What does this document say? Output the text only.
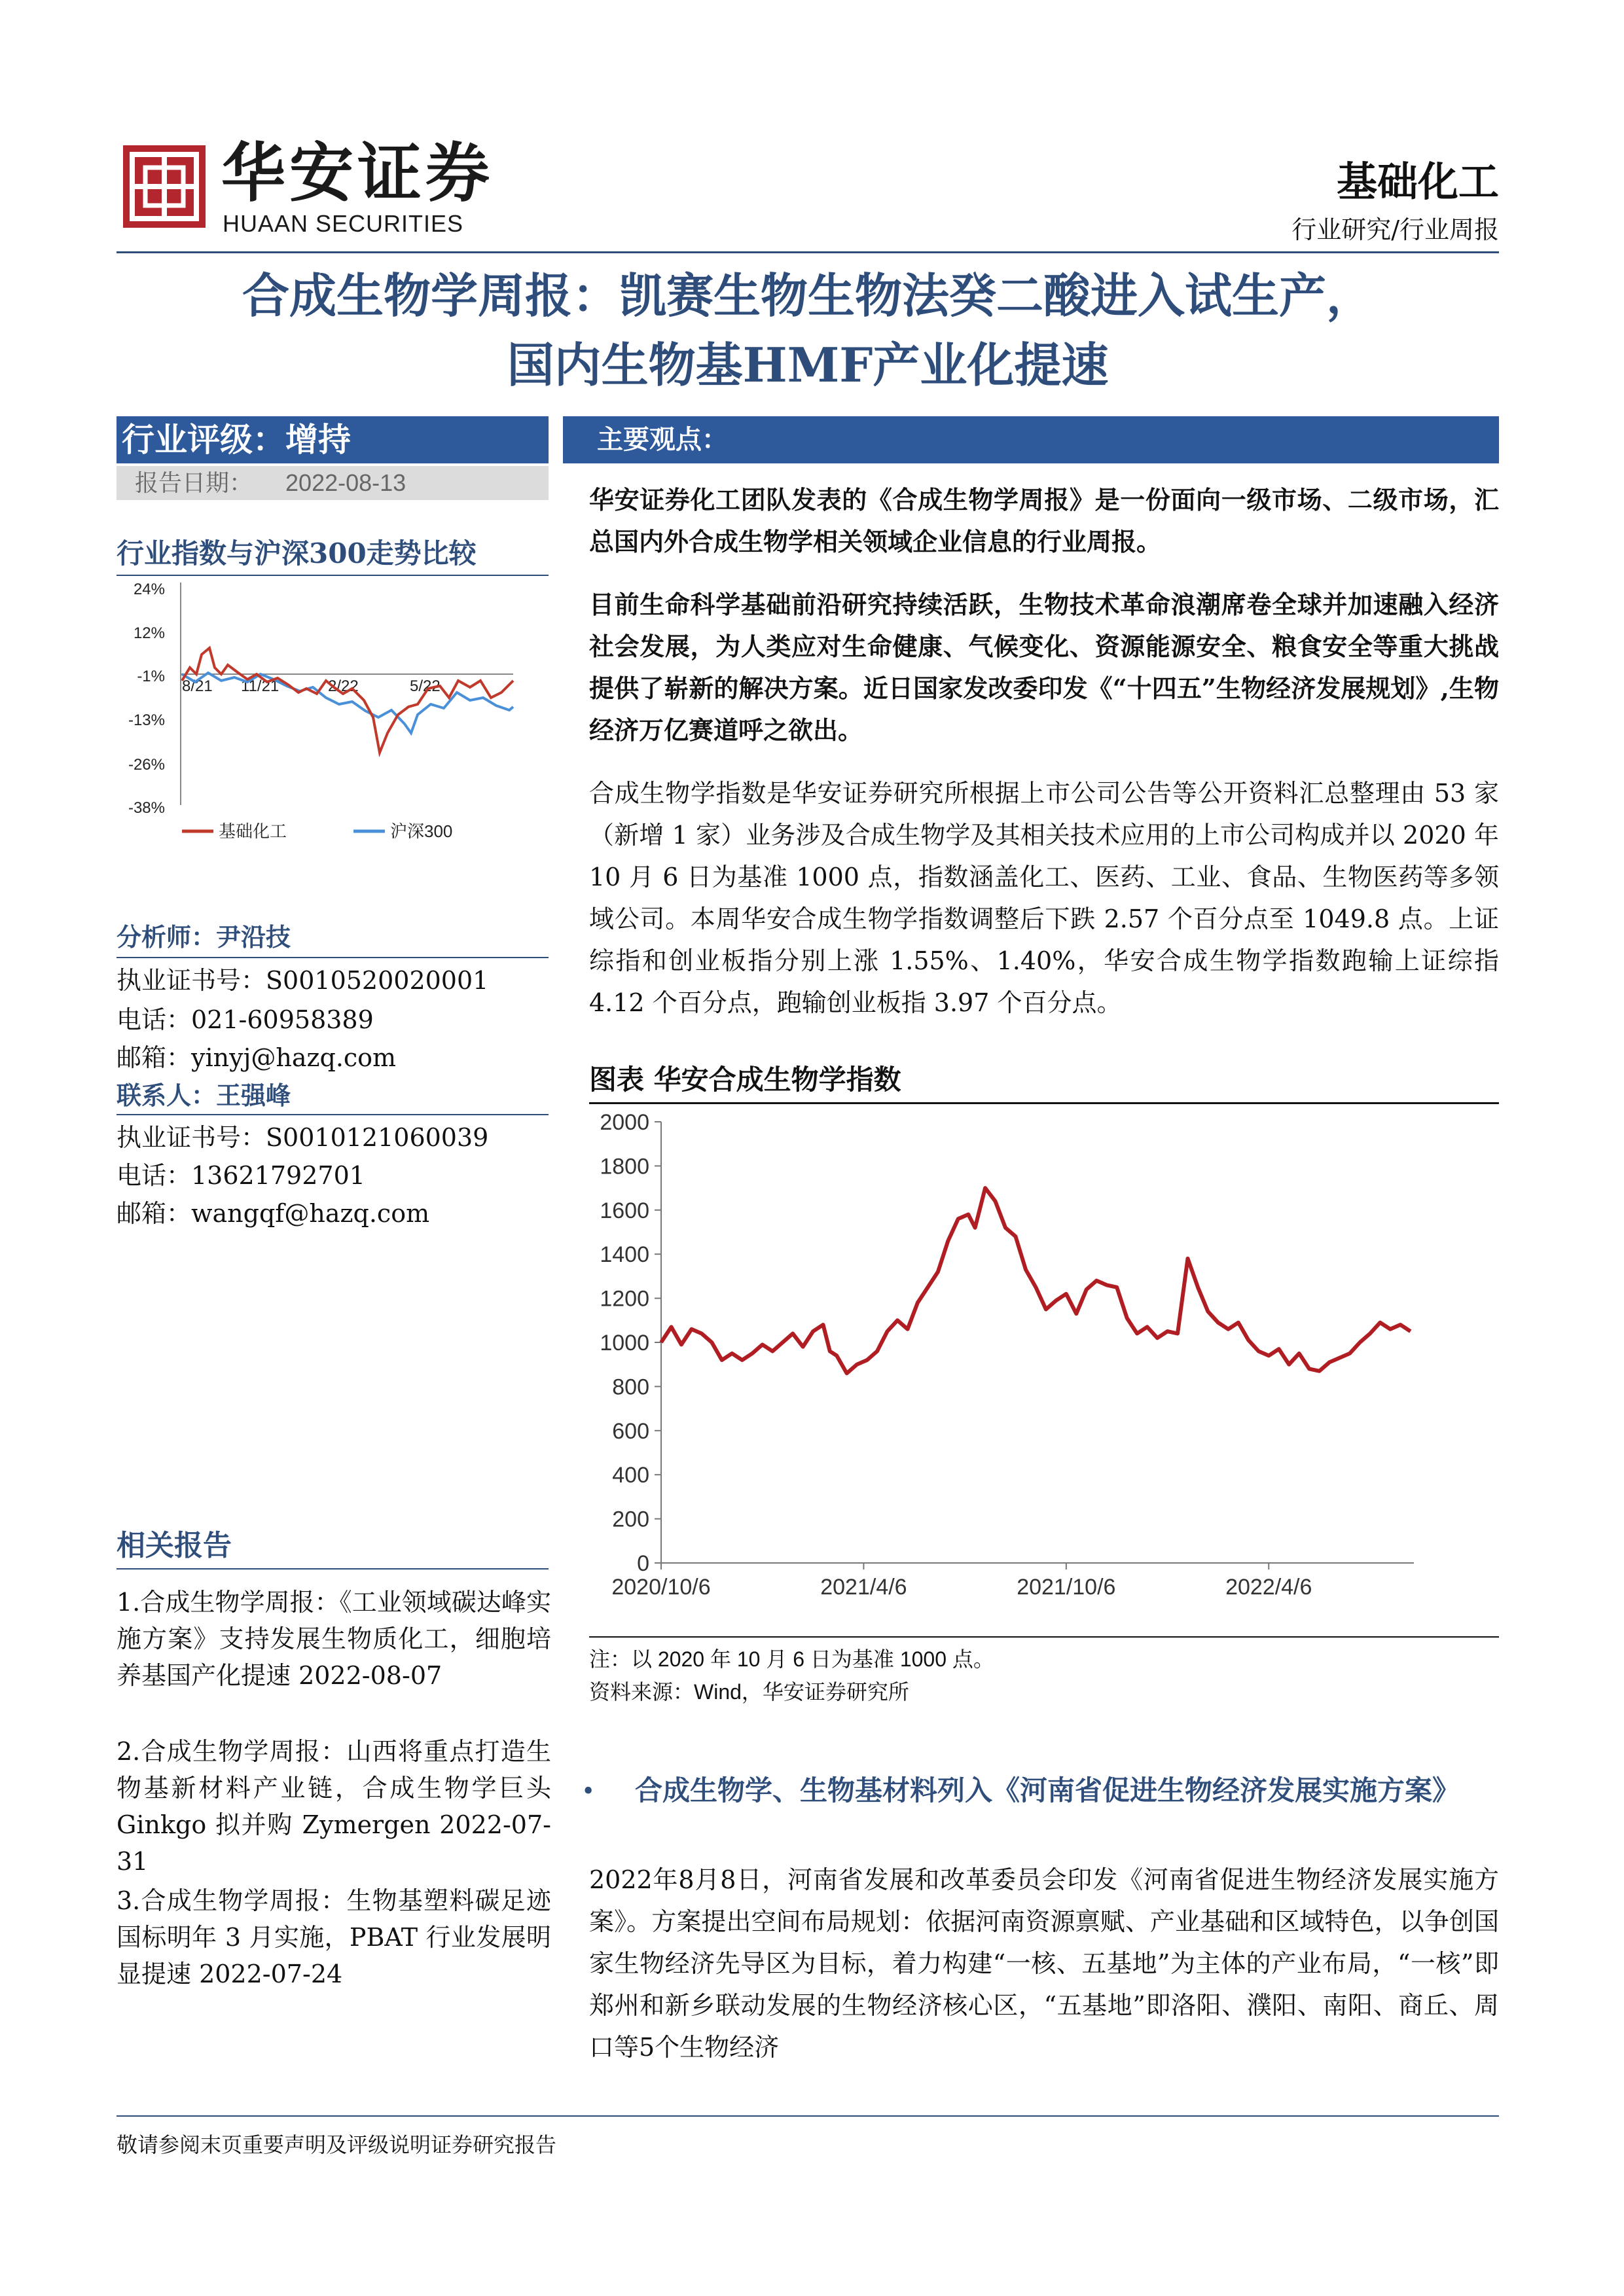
华安证券
HUAAN SECURITIES
基础化工
行业研究/行业周报
合成生物学周报：凯赛生物生物法癸二酸进入试生产，
国内生物基HMF产业化提速
行业评级：增持
报告日期： 2022-08-13
行业指数与沪深300走势比较
24%
12%
-1%
-13%
-26%
-38%
8/21 11/21	2/22	5/22
基础化工	沪深300
分析师：尹沿技
执业证书号：S0010520020001
电话：021-60958389
邮箱：yinyj@hazq.com
联系人：王强峰
执业证书号：S0010121060039
电话：13621792701
邮箱：wangqf@hazq.com
相关报告
1.合成生物学周报：《工业领域碳达峰实施方案》支持发展生物质化工，细胞培养基国产化提速 2022-08-07
2.合成生物学周报：山西将重点打造生物基新材料产业链，合成生物学巨头 Ginkgo 拟并购 Zymergen 2022-07-31
3.合成生物学周报：生物基塑料碳足迹国标明年 3 月实施，PBAT 行业发展明显提速 2022-07-24
主要观点：
华安证券化工团队发表的《合成生物学周报》是一份面向一级市场、二级市场，汇总国内外合成生物学相关领域企业信息的行业周报。
目前生命科学基础前沿研究持续活跃，生物技术革命浪潮席卷全球并加速融入经济社会发展，为人类应对生命健康、气候变化、资源能源安全、粮食安全等重大挑战提供了崭新的解决方案。近日国家发改委印发《“十四五”生物经济发展规划》,生物经济万亿赛道呼之欲出。
合成生物学指数是华安证券研究所根据上市公司公告等公开资料汇总整理由 53 家（新增 1 家）业务涉及合成生物学及其相关技术应用的上市公司构成并以 2020 年 10 月 6 日为基准 1000 点，指数涵盖化工、医药、工业、食品、生物医药等多领域公司。本周华安合成生物学指数调整后下跌 2.57 个百分点至 1049.8 点。上证综指和创业板指分别上涨 1.55%、1.40%，华安合成生物学指数跑输上证综指 4.12 个百分点，跑输创业板指 3.97 个百分点。
图表 华安合成生物学指数
0
200
400
600
800
1000
1200
1400
1600
1800
2000
2020/10/6	2021/4/6	2021/10/6	2022/4/6
注：以 2020 年 10 月 6 日为基准 1000 点。
资料来源：Wind，华安证券研究所
• 合成生物学、生物基材料列入《河南省促进生物经济发展实施方案》
2022年8月8日，河南省发展和改革委员会印发《河南省促进生物经济发展实施方案》。方案提出空间布局规划：依据河南资源禀赋、产业基础和区域特色，以争创国家生物经济先导区为目标，着力构建“一核、五基地”为主体的产业布局，“一核”即郑州和新乡联动发展的生物经济核心区，“五基地”即洛阳、濮阳、南阳、商丘、周口等5个生物经济
敬请参阅末页重要声明及评级说明证券研究报告
